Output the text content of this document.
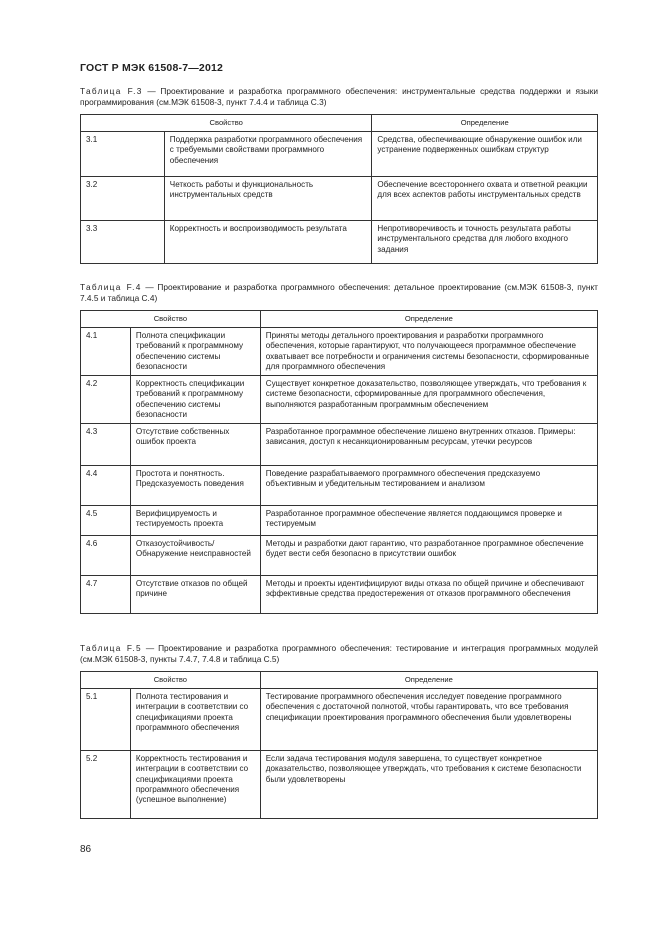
ГОСТ Р МЭК 61508-7—2012
Таблица F.3 — Проектирование и разработка программного обеспечения: инструментальные средства поддержки и языки программирования (см.МЭК 61508-3, пункт 7.4.4 и таблица С.3)
Свойство		Определение
3.1	Поддержка разработки программного обеспечения с требуемыми свойствами программного обеспечения	Средства, обеспечивающие обнаружение ошибок или устранение подверженных ошибкам структур
3.2	Четкость работы и функциональность инструментальных средств	Обеспечение всестороннего охвата и ответной реакции для всех аспектов работы инструментальных средств
3.3	Корректность и воспроизводимость результата	Непротиворечивость и точность результата работы инструментального средства для любого входного задания
Таблица F.4 — Проектирование и разработка программного обеспечения: детальное проектирование (см.МЭК 61508-3, пункт 7.4.5 и таблица С.4)
Свойство		Определение
4.1	Полнота спецификации требований к программному обеспечению системы безопасности	Приняты методы детального проектирования и разработки программного обеспечения, которые гарантируют, что получающееся программное обеспечение охватывает все потребности и ограничения системы безопасности, сформированные для программного обеспечения
4.2	Корректность спецификации требований к программному обеспечению системы безопасности	Существует конкретное доказательство, позволяющее утверждать, что требования к системе безопасности, сформированные для программного обеспечения, выполняются разработанным программным обеспечением
4.3	Отсутствие собственных ошибок проекта	Разработанное программное обеспечение лишено внутренних отказов. Примеры: зависания, доступ к несанкционированным ресурсам, утечки ресурсов
4.4	Простота и понятность. Предсказуемость поведения	Поведение разрабатываемого программного обеспечения предсказуемо объективным и убедительным тестированием и анализом
4.5	Верифицируемость и тестируемость проекта	Разработанное программное обеспечение является поддающимся проверке и тестируемым
4.6	Отказоустойчивость/Обнаружение неисправностей	Методы и разработки дают гарантию, что разработанное программное обеспечение будет вести себя безопасно в присутствии ошибок
4.7	Отсутствие отказов по общей причине	Методы и проекты идентифицируют виды отказа по общей причине и обеспечивают эффективные средства предостережения от отказов программного обеспечения
Таблица F.5 — Проектирование и разработка программного обеспечения: тестирование и интеграция программных модулей (см.МЭК 61508-3, пункты 7.4.7, 7.4.8 и таблица С.5)
Свойство		Определение
5.1	Полнота тестирования и интеграции в соответствии со спецификациями проекта программного обеспечения	Тестирование программного обеспечения исследует поведение программного обеспечения с достаточной полнотой, чтобы гарантировать, что все требования спецификации проектирования программного обеспечения были удовлетворены
5.2	Корректность тестирования и интеграции в соответствии со спецификациями проекта программного обеспечения (успешное выполнение)	Если задача тестирования модуля завершена, то существует конкретное доказательство, позволяющее утверждать, что требования к системе безопасности были удовлетворены
86
